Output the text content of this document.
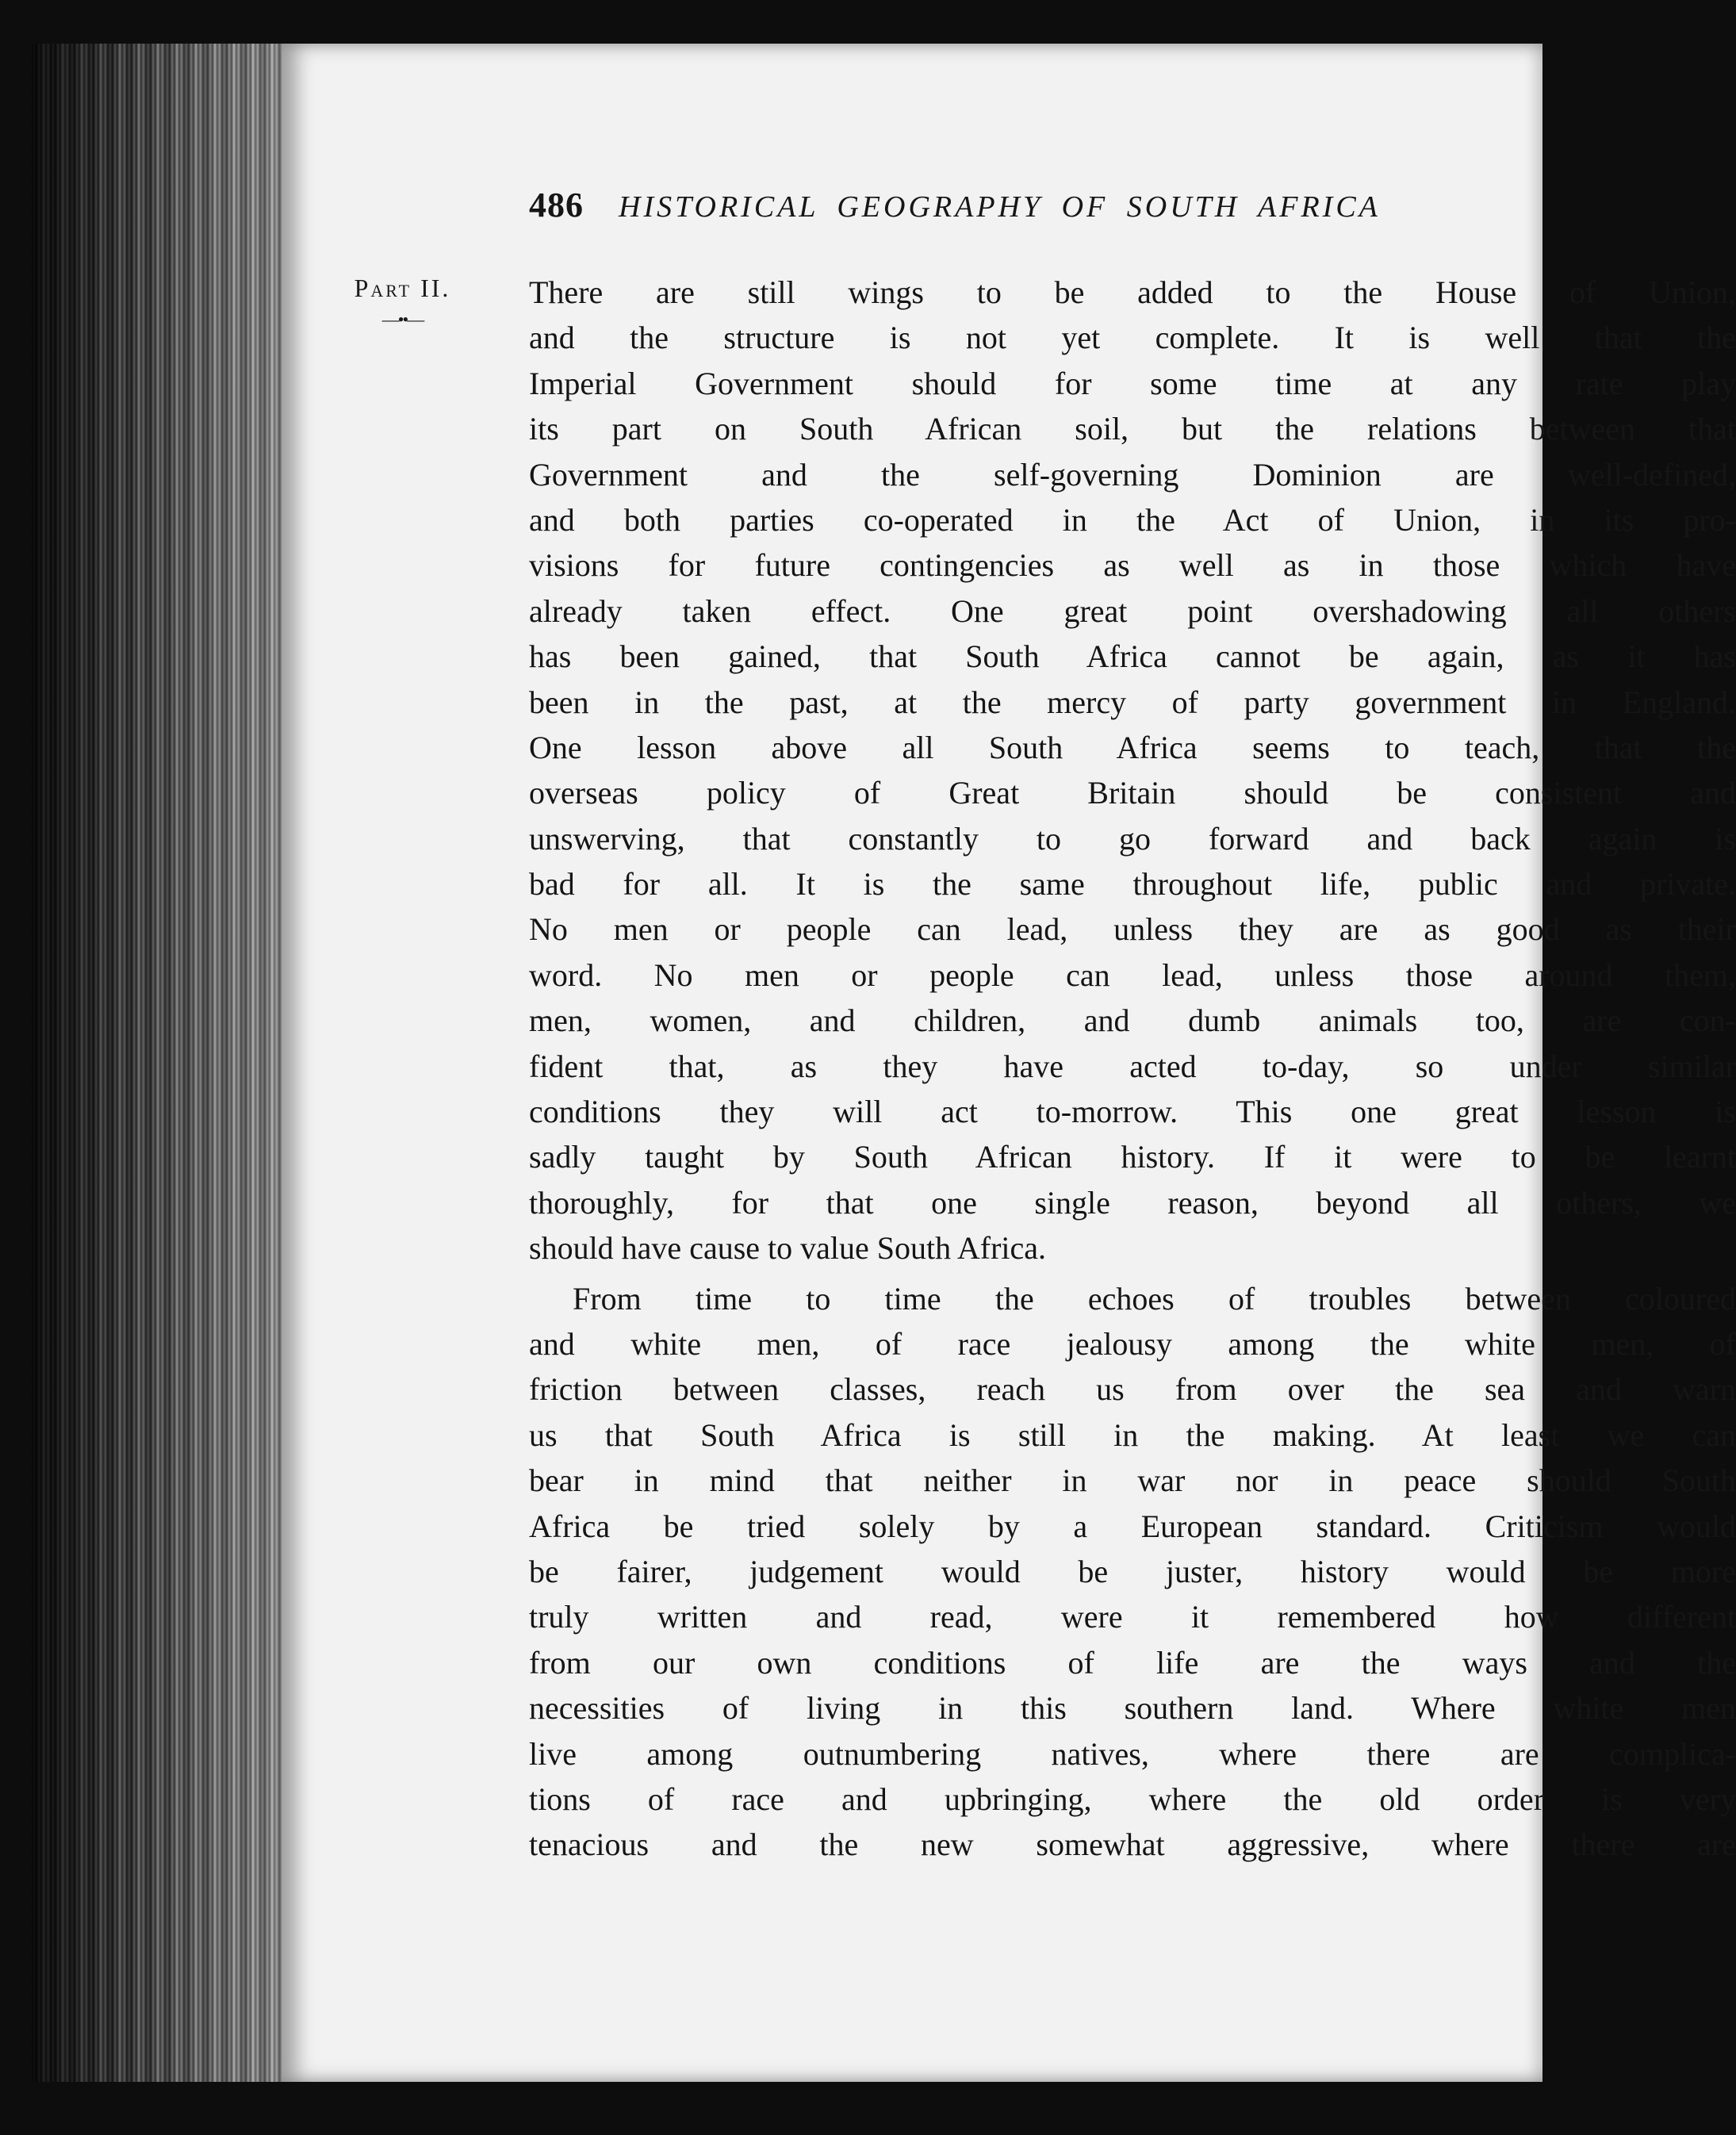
486 HISTORICAL GEOGRAPHY OF SOUTH AFRICA
Part II.
—••—
There are still wings to be added to the House of Union,
and the structure is not yet complete. It is well that the
Imperial Government should for some time at any rate play
its part on South African soil, but the relations between that
Government and the self-governing Dominion are well-defined,
and both parties co-operated in the Act of Union, in its pro-
visions for future contingencies as well as in those which have
already taken effect. One great point overshadowing all others
has been gained, that South Africa cannot be again, as it has
been in the past, at the mercy of party government in England.
One lesson above all South Africa seems to teach, that the
overseas policy of Great Britain should be consistent and
unswerving, that constantly to go forward and back again is
bad for all. It is the same throughout life, public and private.
No men or people can lead, unless they are as good as their
word. No men or people can lead, unless those around them,
men, women, and children, and dumb animals too, are con-
fident that, as they have acted to-day, so under similar
conditions they will act to-morrow. This one great lesson is
sadly taught by South African history. If it were to be learnt
thoroughly, for that one single reason, beyond all others, we
should have cause to value South Africa.
From time to time the echoes of troubles between coloured
and white men, of race jealousy among the white men, of
friction between classes, reach us from over the sea and warn
us that South Africa is still in the making. At least we can
bear in mind that neither in war nor in peace should South
Africa be tried solely by a European standard. Criticism would
be fairer, judgement would be juster, history would be more
truly written and read, were it remembered how different
from our own conditions of life are the ways and the
necessities of living in this southern land. Where white men
live among outnumbering natives, where there are complica-
tions of race and upbringing, where the old order is very
tenacious and the new somewhat aggressive, where there are
